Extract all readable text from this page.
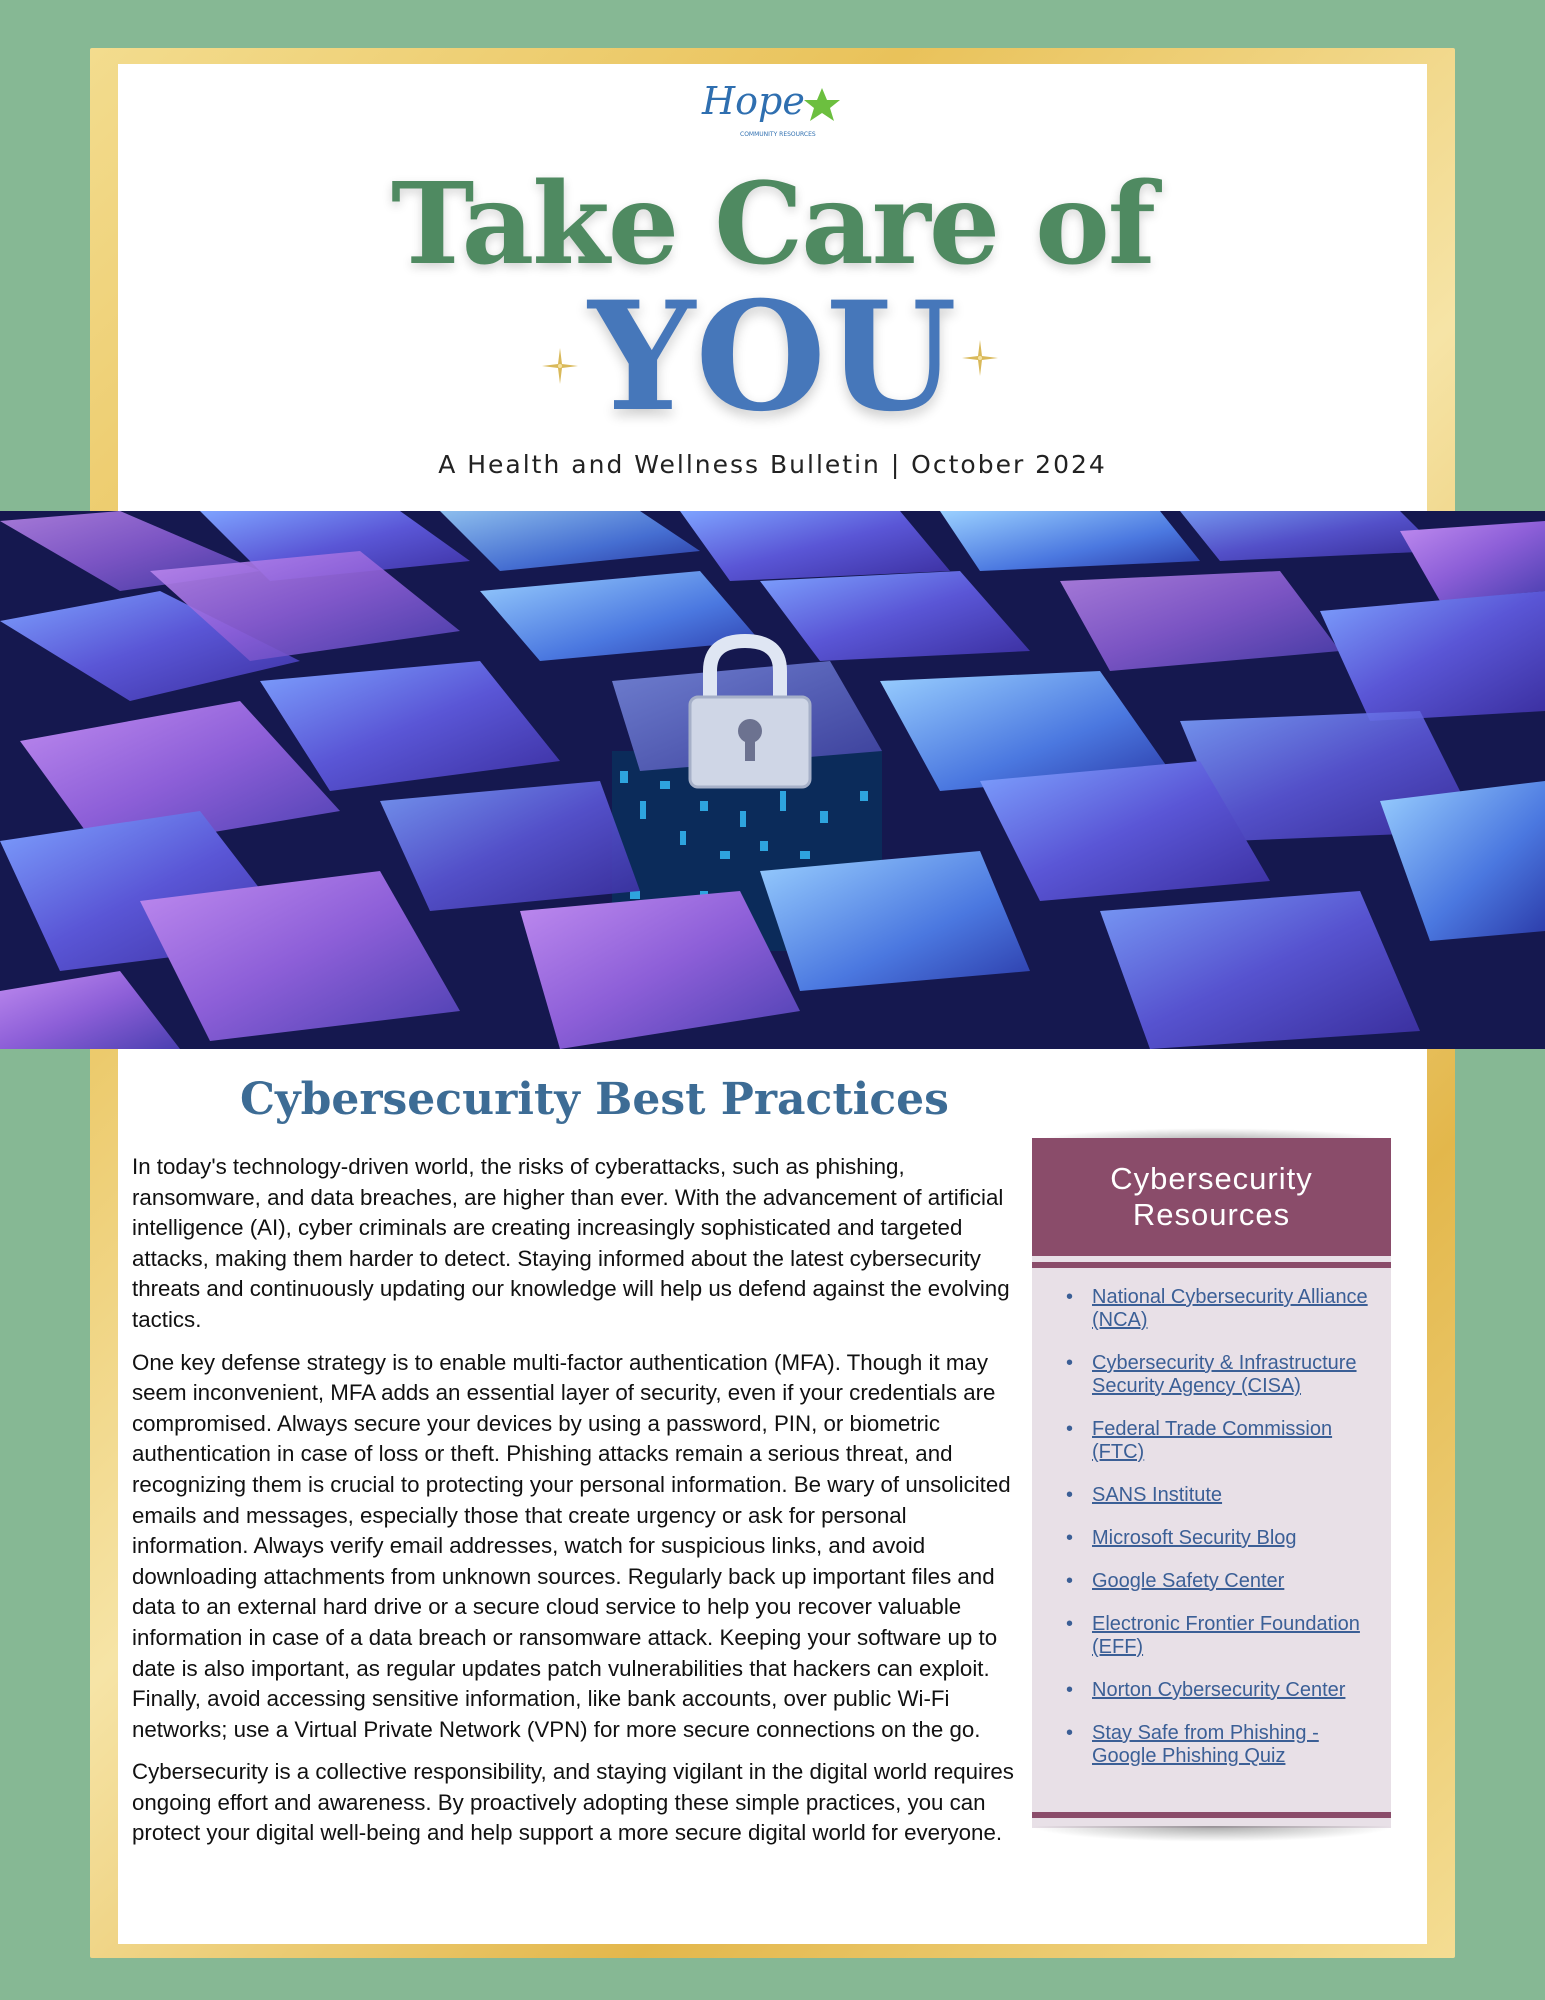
Hope
COMMUNITY RESOURCES
Take Care of
YOU
A Health and Wellness Bulletin | October 2024
Cybersecurity Best Practices

In today's technology-driven world, the risks of cyberattacks, such as phishing, ransomware, and data breaches, are higher than ever. With the advancement of artificial intelligence (AI), cyber criminals are creating increasingly sophisticated and targeted attacks, making them harder to detect. Staying informed about the latest cybersecurity threats and continuously updating our knowledge will help us defend against the evolving tactics.

One key defense strategy is to enable multi-factor authentication (MFA). Though it may seem inconvenient, MFA adds an essential layer of security, even if your credentials are compromised. Always secure your devices by using a password, PIN, or biometric authentication in case of loss or theft. Phishing attacks remain a serious threat, and recognizing them is crucial to protecting your personal information. Be wary of unsolicited emails and messages, especially those that create urgency or ask for personal information. Always verify email addresses, watch for suspicious links, and avoid downloading attachments from unknown sources. Regularly back up important files and data to an external hard drive or a secure cloud service to help you recover valuable information in case of a data breach or ransomware attack. Keeping your software up to date is also important, as regular updates patch vulnerabilities that hackers can exploit. Finally, avoid accessing sensitive information, like bank accounts, over public Wi-Fi networks; use a Virtual Private Network (VPN) for more secure connections on the go.

Cybersecurity is a collective responsibility, and staying vigilant in the digital world requires ongoing effort and awareness. By proactively adopting these simple practices, you can protect your digital well-being and help support a more secure digital world for everyone.

Cybersecurity
Resources
• National Cybersecurity Alliance (NCA)
• Cybersecurity & Infrastructure Security Agency (CISA)
• Federal Trade Commission (FTC)
• SANS Institute
• Microsoft Security Blog
• Google Safety Center
• Electronic Frontier Foundation (EFF)
• Norton Cybersecurity Center
• Stay Safe from Phishing - Google Phishing Quiz
